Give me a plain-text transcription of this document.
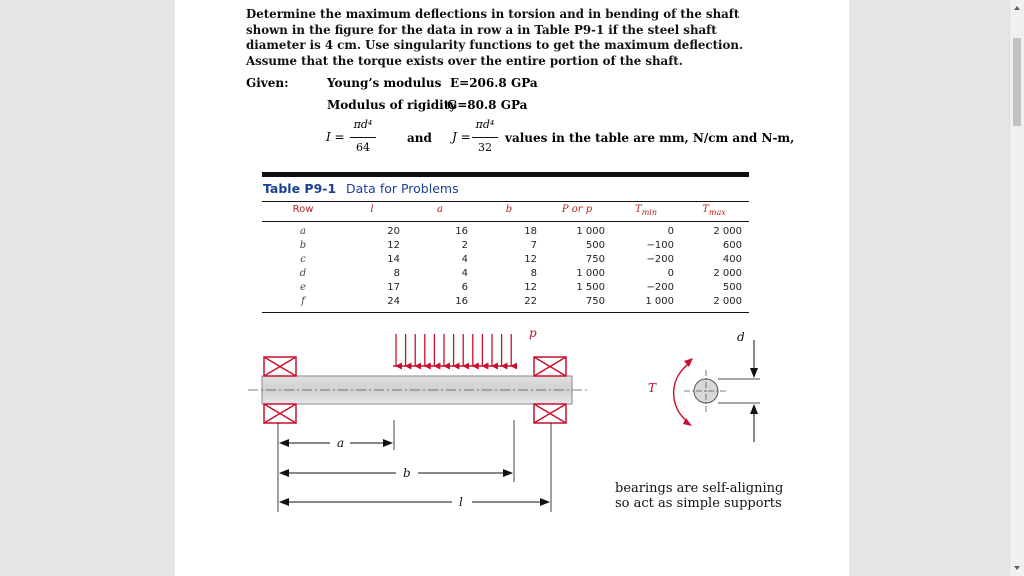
Determine the maximum deflections in torsion and in bending of the shaft shown in the figure for the data in row a in Table P9-1 if the steel shaft diameter is 4 cm. Use singularity functions to get the maximum deflection. Assume that the torque exists over the entire portion of the shaft.
Given:	Young’s modulus E=206.8 GPa
Modulus of rigidity
G=80.8 GPa
I =
πd⁴
64
and J =
πd⁴
32
values in the table are mm, N/cm and N-m,
Table P9-1 Data for Problems
Row	l	a	b	P or p	$T_{min}$	$T_{max}$
a	20	16	18	1 000	0	2 000
b	12	2	7	500	−100	600
c	14	4	12	750	−200	400
d	8	4	8	1 000	0	2 000
e	17	6	12	1 500	−200	500
f	24	16	22	750	1 000	2 000
bearings are self-aligning
so act as simple supports
p
a
b
l
d
T
